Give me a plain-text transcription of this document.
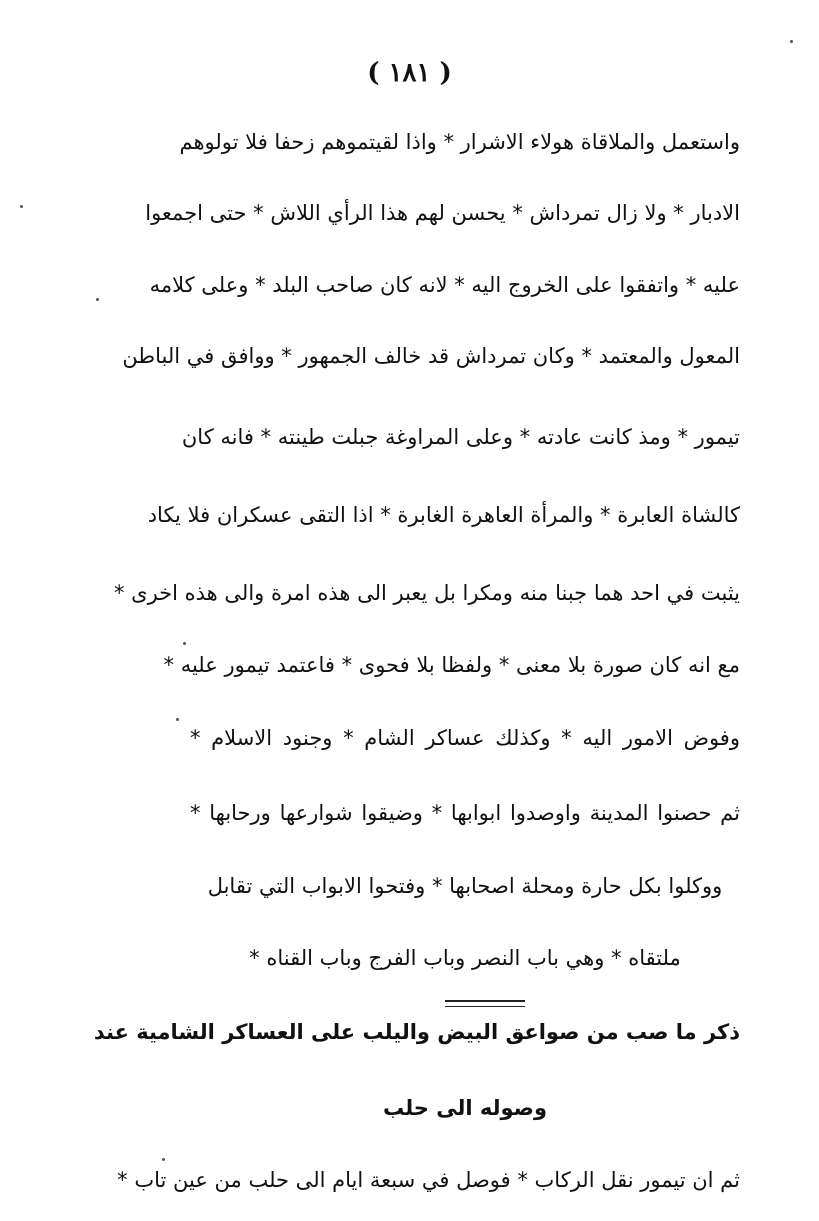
( ١٨١ )
واستعمل والملاقاة هولاء الاشرار * واذا لقيتموهم زحفا فلا تولوهم
الادبار * ولا زال تمرداش * يحسن لهم هذا الرأي اللاش * حتى اجمعوا
عليه * واتفقوا على الخروج اليه * لانه كان صاحب البلد * وعلى كلامه
المعول والمعتمد * وكان تمرداش قد خالف الجمهور * ووافق في الباطن
تيمور * ومذ كانت عادته * وعلى المراوغة جبلت طينته * فانه كان
كالشاة العابرة * والمرأة العاهرة الغابرة * اذا التقى عسكران فلا يكاد
يثبت في احد هما جبنا منه ومكرا بل يعبر الى هذه امرة والى هذه اخرى *
مع انه كان صورة بلا معنى * ولفظا بلا فحوى * فاعتمد تيمور عليه *
وفوض الامور اليه * وكذلك عساكر الشام * وجنود الاسلام *
ثم حصنوا المدينة واوصدوا ابوابها * وضيقوا شوارعها ورحابها *
ووكلوا بكل حارة ومحلة اصحابها * وفتحوا الابواب التي تقابل
ملتقاه * وهي باب النصر وباب الفرج وباب القناه *
ذكر ما صب من صواعق البيض واليلب على العساكر الشامية عند
وصوله الى حلب
ثم ان تيمور نقل الركاب * فوصل في سبعة ايام الى حلب من عين تاب *
